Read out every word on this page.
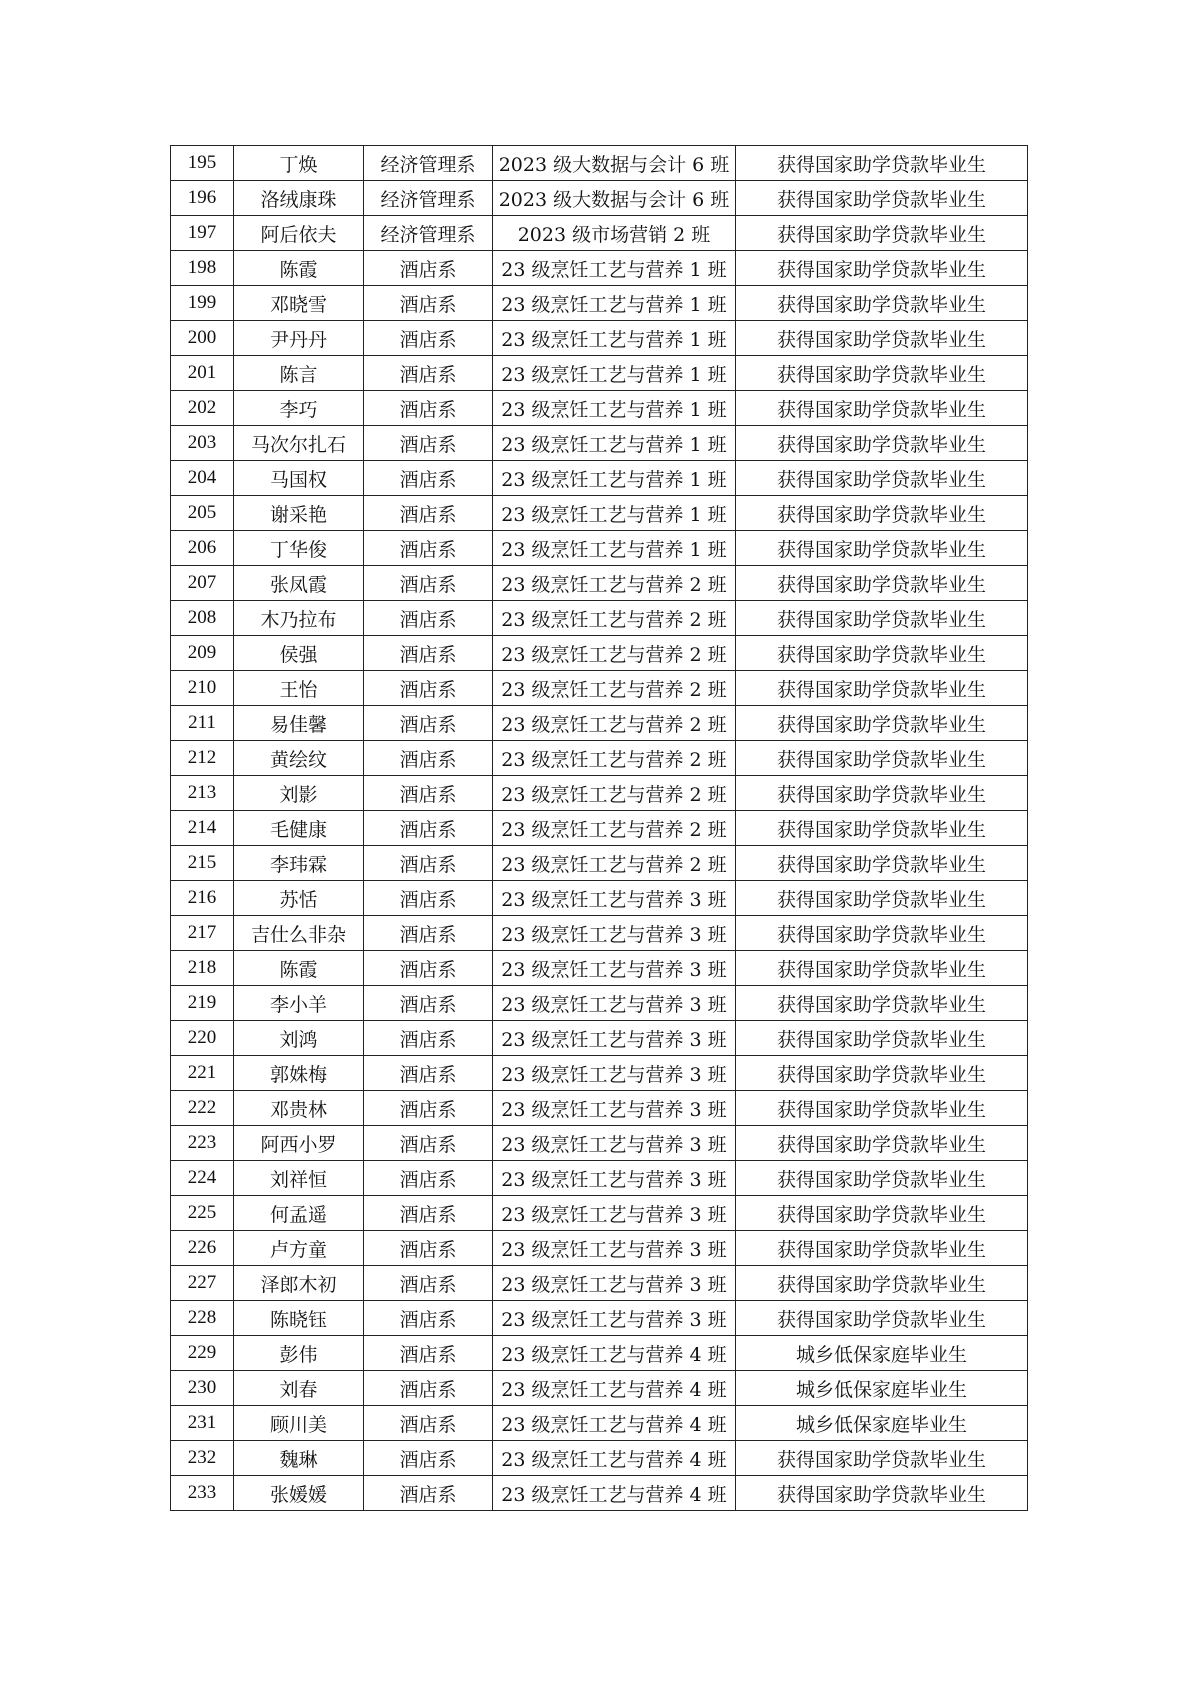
195	丁焕	经济管理系	2023 级大数据与会计 6 班	获得国家助学贷款毕业生
196	洛绒康珠	经济管理系	2023 级大数据与会计 6 班	获得国家助学贷款毕业生
197	阿后依夫	经济管理系	2023 级市场营销 2 班	获得国家助学贷款毕业生
198	陈霞	酒店系	23 级烹饪工艺与营养 1 班	获得国家助学贷款毕业生
199	邓晓雪	酒店系	23 级烹饪工艺与营养 1 班	获得国家助学贷款毕业生
200	尹丹丹	酒店系	23 级烹饪工艺与营养 1 班	获得国家助学贷款毕业生
201	陈言	酒店系	23 级烹饪工艺与营养 1 班	获得国家助学贷款毕业生
202	李巧	酒店系	23 级烹饪工艺与营养 1 班	获得国家助学贷款毕业生
203	马次尔扎石	酒店系	23 级烹饪工艺与营养 1 班	获得国家助学贷款毕业生
204	马国权	酒店系	23 级烹饪工艺与营养 1 班	获得国家助学贷款毕业生
205	谢采艳	酒店系	23 级烹饪工艺与营养 1 班	获得国家助学贷款毕业生
206	丁华俊	酒店系	23 级烹饪工艺与营养 1 班	获得国家助学贷款毕业生
207	张凤霞	酒店系	23 级烹饪工艺与营养 2 班	获得国家助学贷款毕业生
208	木乃拉布	酒店系	23 级烹饪工艺与营养 2 班	获得国家助学贷款毕业生
209	侯强	酒店系	23 级烹饪工艺与营养 2 班	获得国家助学贷款毕业生
210	王怡	酒店系	23 级烹饪工艺与营养 2 班	获得国家助学贷款毕业生
211	易佳馨	酒店系	23 级烹饪工艺与营养 2 班	获得国家助学贷款毕业生
212	黄绘纹	酒店系	23 级烹饪工艺与营养 2 班	获得国家助学贷款毕业生
213	刘影	酒店系	23 级烹饪工艺与营养 2 班	获得国家助学贷款毕业生
214	毛健康	酒店系	23 级烹饪工艺与营养 2 班	获得国家助学贷款毕业生
215	李玮霖	酒店系	23 级烹饪工艺与营养 2 班	获得国家助学贷款毕业生
216	苏恬	酒店系	23 级烹饪工艺与营养 3 班	获得国家助学贷款毕业生
217	吉仕么非杂	酒店系	23 级烹饪工艺与营养 3 班	获得国家助学贷款毕业生
218	陈霞	酒店系	23 级烹饪工艺与营养 3 班	获得国家助学贷款毕业生
219	李小羊	酒店系	23 级烹饪工艺与营养 3 班	获得国家助学贷款毕业生
220	刘鸿	酒店系	23 级烹饪工艺与营养 3 班	获得国家助学贷款毕业生
221	郭姝梅	酒店系	23 级烹饪工艺与营养 3 班	获得国家助学贷款毕业生
222	邓贵林	酒店系	23 级烹饪工艺与营养 3 班	获得国家助学贷款毕业生
223	阿西小罗	酒店系	23 级烹饪工艺与营养 3 班	获得国家助学贷款毕业生
224	刘祥恒	酒店系	23 级烹饪工艺与营养 3 班	获得国家助学贷款毕业生
225	何孟遥	酒店系	23 级烹饪工艺与营养 3 班	获得国家助学贷款毕业生
226	卢方童	酒店系	23 级烹饪工艺与营养 3 班	获得国家助学贷款毕业生
227	泽郎木初	酒店系	23 级烹饪工艺与营养 3 班	获得国家助学贷款毕业生
228	陈晓钰	酒店系	23 级烹饪工艺与营养 3 班	获得国家助学贷款毕业生
229	彭伟	酒店系	23 级烹饪工艺与营养 4 班	城乡低保家庭毕业生
230	刘春	酒店系	23 级烹饪工艺与营养 4 班	城乡低保家庭毕业生
231	顾川美	酒店系	23 级烹饪工艺与营养 4 班	城乡低保家庭毕业生
232	魏琳	酒店系	23 级烹饪工艺与营养 4 班	获得国家助学贷款毕业生
233	张媛媛	酒店系	23 级烹饪工艺与营养 4 班	获得国家助学贷款毕业生
